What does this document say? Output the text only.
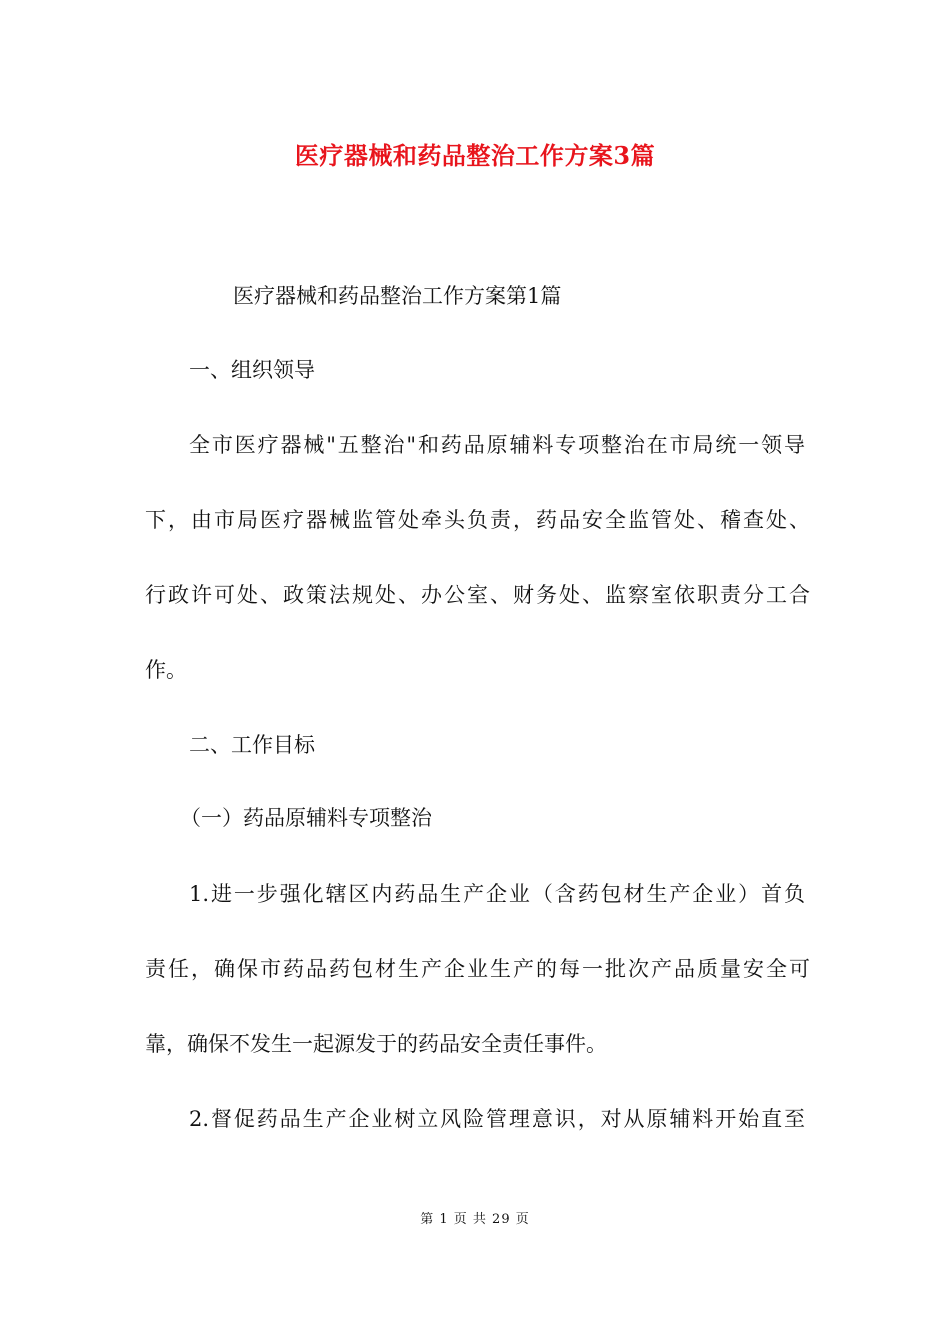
医疗器械和药品整治工作方案3篇
医疗器械和药品整治工作方案第1篇
一、组织领导
全市医疗器械"五整治"和药品原辅料专项整治在市局统一领导
下，由市局医疗器械监管处牵头负责，药品安全监管处、稽查处、
行政许可处、政策法规处、办公室、财务处、监察室依职责分工合
作。
二、工作目标
（一）药品原辅料专项整治
1.进一步强化辖区内药品生产企业（含药包材生产企业）首负
责任，确保市药品药包材生产企业生产的每一批次产品质量安全可
靠，确保不发生一起源发于的药品安全责任事件。
2.督促药品生产企业树立风险管理意识，对从原辅料开始直至
第 1 页 共 29 页
